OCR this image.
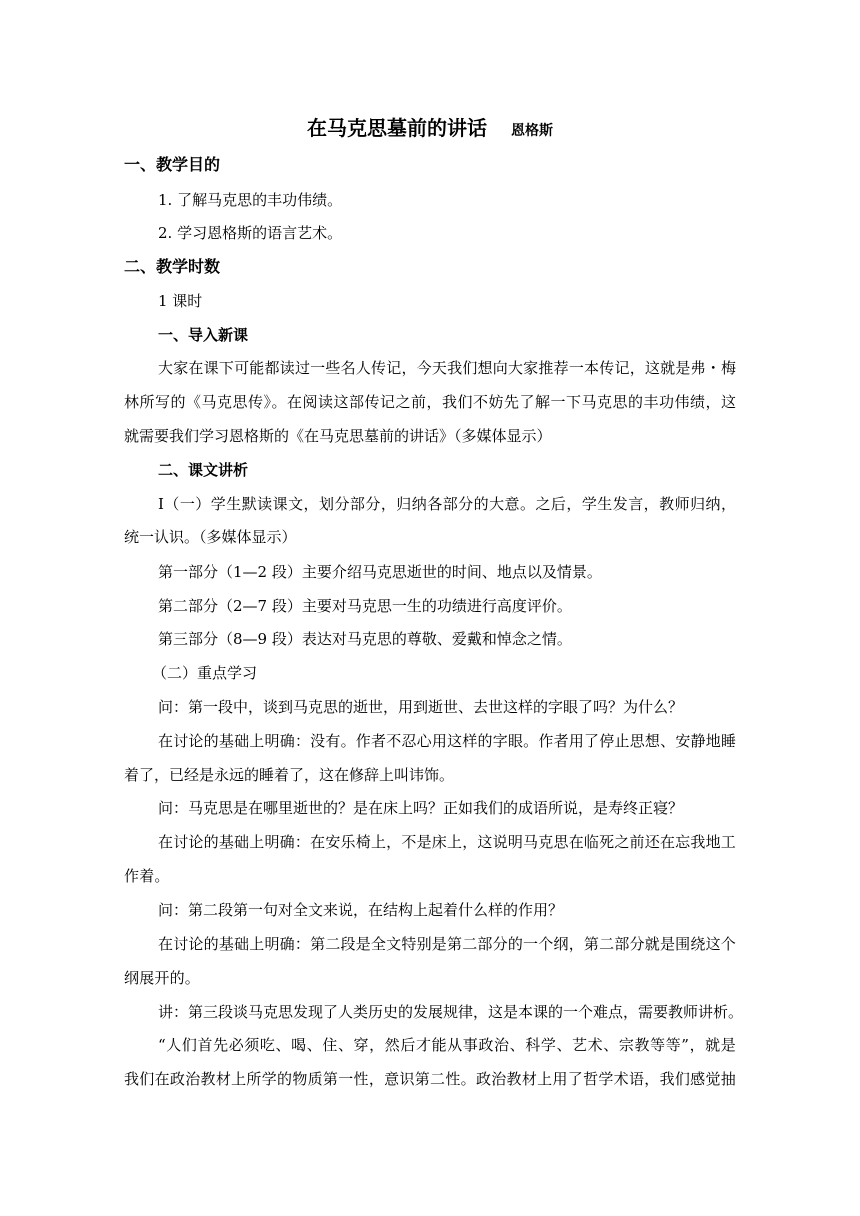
在马克思墓前的讲话 恩格斯
一、教学目的
1. 了解马克思的丰功伟绩。
2. 学习恩格斯的语言艺术。
二、教学时数
1 课时
一、导入新课
大家在课下可能都读过一些名人传记，今天我们想向大家推荐一本传记，这就是弗・梅
林所写的《马克思传》。在阅读这部传记之前，我们不妨先了解一下马克思的丰功伟绩，这
就需要我们学习恩格斯的《在马克思墓前的讲话》（多媒体显示）
二、课文讲析
Ⅰ（一）学生默读课文，划分部分，归纳各部分的大意。之后，学生发言，教师归纳，
统一认识。（多媒体显示）
第一部分（1—2 段）主要介绍马克思逝世的时间、地点以及情景。
第二部分（2—7 段）主要对马克思一生的功绩进行高度评价。
第三部分（8—9 段）表达对马克思的尊敬、爱戴和悼念之情。
（二）重点学习
问：第一段中，谈到马克思的逝世，用到逝世、去世这样的字眼了吗？为什么？
在讨论的基础上明确：没有。作者不忍心用这样的字眼。作者用了停止思想、安静地睡
着了，已经是永远的睡着了，这在修辞上叫讳饰。
问：马克思是在哪里逝世的？是在床上吗？正如我们的成语所说，是寿终正寝？
在讨论的基础上明确：在安乐椅上，不是床上，这说明马克思在临死之前还在忘我地工
作着。
问：第二段第一句对全文来说，在结构上起着什么样的作用？
在讨论的基础上明确：第二段是全文特别是第二部分的一个纲，第二部分就是围绕这个
纲展开的。
讲：第三段谈马克思发现了人类历史的发展规律，这是本课的一个难点，需要教师讲析。
“人们首先必须吃、喝、住、穿，然后才能从事政治、科学、艺术、宗教等等”，就是
我们在政治教材上所学的物质第一性，意识第二性。政治教材上用了哲学术语，我们感觉抽
